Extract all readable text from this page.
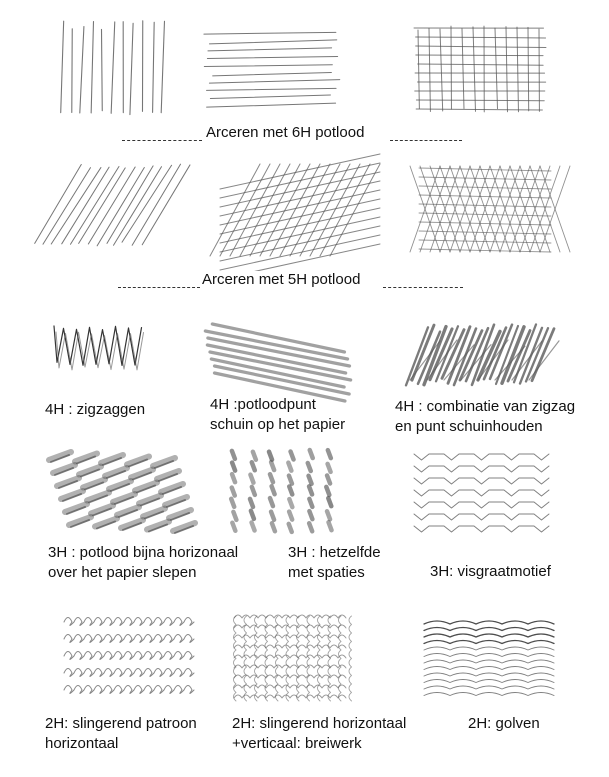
Arceren met 6H potlood
Arceren met 5H potlood
4H : zigzaggen	4H :potloodpunt
schuin op het papier
4H : combinatie van zigzag
en punt schuinhouden
3H : potlood bijna horizonaal
over het papier slepen
3H : hetzelfde
met spaties	3H: visgraatmotief
2H: slingerend patroon
horizontaal
2H: slingerend horizontaal
+verticaal: breiwerk
2H: golven
